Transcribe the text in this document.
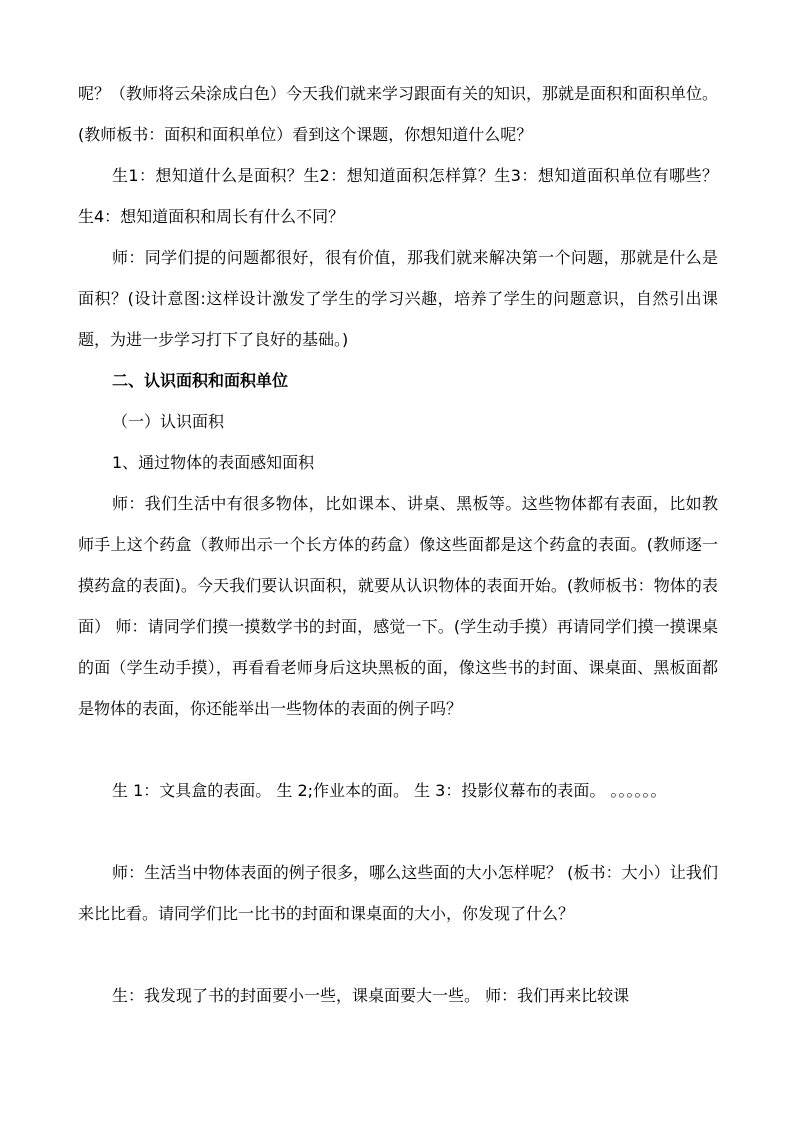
呢？（教师将云朵涂成白色）今天我们就来学习跟面有关的知识，那就是面积和面积单位。(教师板书：面积和面积单位）看到这个课题，你想知道什么呢？

生1：想知道什么是面积？生2：想知道面积怎样算？生3：想知道面积单位有哪些？ 生4：想知道面积和周长有什么不同？

师：同学们提的问题都很好，很有价值，那我们就来解决第一个问题，那就是什么是面积？(设计意图:这样设计激发了学生的学习兴趣，培养了学生的问题意识，自然引出课题，为进一步学习打下了良好的基础。)

二、认识面积和面积单位

（一）认识面积

1、通过物体的表面感知面积

师：我们生活中有很多物体，比如课本、讲桌、黑板等。这些物体都有表面，比如教师手上这个药盒（教师出示一个长方体的药盒）像这些面都是这个药盒的表面。(教师逐一摸药盒的表面)。今天我们要认识面积，就要从认识物体的表面开始。(教师板书：物体的表面） 师：请同学们摸一摸数学书的封面，感觉一下。(学生动手摸）再请同学们摸一摸课桌的面（学生动手摸），再看看老师身后这块黑板的面，像这些书的封面、课桌面、黑板面都是物体的表面，你还能举出一些物体的表面的例子吗？

生 1：文具盒的表面。 生 2;作业本的面。 生 3：投影仪幕布的表面。 。。。。。。

师：生活当中物体表面的例子很多，哪么这些面的大小怎样呢？ (板书：大小）让我们来比比看。请同学们比一比书的封面和课桌面的大小，你发现了什么？

生：我发现了书的封面要小一些，课桌面要大一些。 师：我们再来比较课
